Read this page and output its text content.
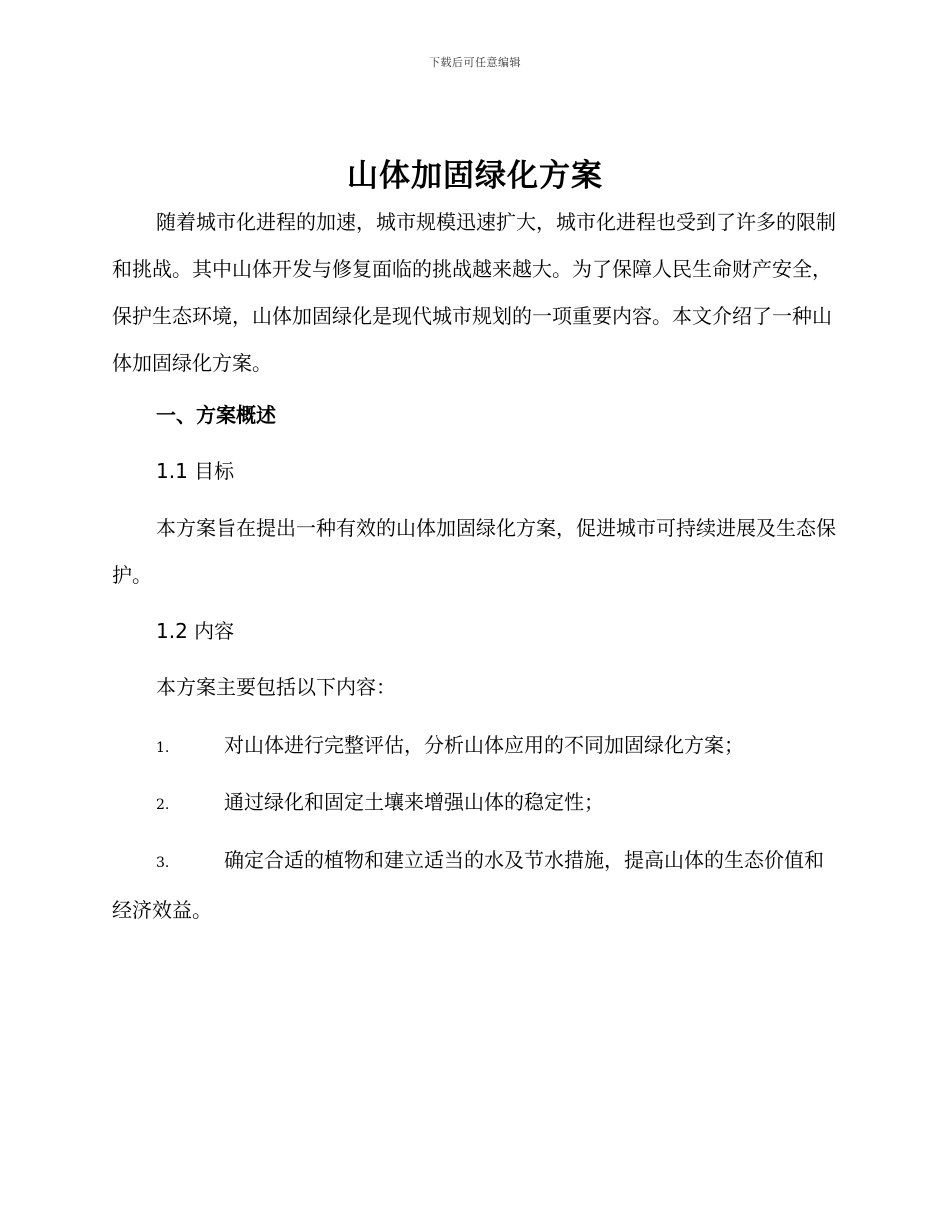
下载后可任意编辑
山体加固绿化方案

随着城市化进程的加速，城市规模迅速扩大，城市化进程也受到了许多的限制和挑战。其中山体开发与修复面临的挑战越来越大。为了保障人民生命财产安全，保护生态环境，山体加固绿化是现代城市规划的一项重要内容。本文介绍了一种山体加固绿化方案。

一、方案概述
1.1 目标

本方案旨在提出一种有效的山体加固绿化方案，促进城市可持续进展及生态保护。

1.2 内容

本方案主要包括以下内容：

1.	对山体进行完整评估，分析山体应用的不同加固绿化方案；

2.	通过绿化和固定土壤来增强山体的稳定性；

3.	确定合适的植物和建立适当的水及节水措施，提高山体的生态价值和经济效益。
